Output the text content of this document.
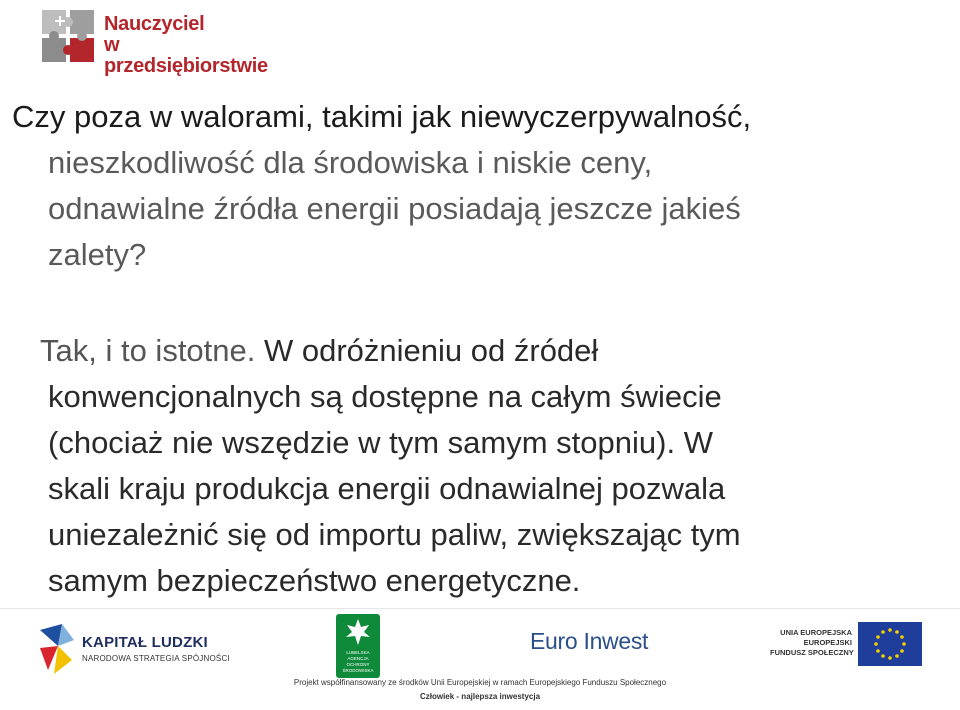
Nauczyciel
w przedsiębiorstwie
Czy poza w walorami, takimi jak niewyczerpywalność,
nieszkodliwość dla środowiska i niskie ceny,
odnawialne źródła energii posiadają jeszcze jakieś
zalety?
Tak, i to istotne. W odróżnieniu od źródeł
konwencjonalnych są dostępne na całym świecie
(chociaż nie wszędzie w tym samym stopniu). W
skali kraju produkcja energii odnawialnej pozwala
uniezależnić się od importu paliw, zwiększając tym
samym bezpieczeństwo energetyczne.
KAPITAŁ LUDZKI
NARODOWA STRATEGIA SPÓJNOŚCI
LUBELSKA
AGENCJA
OCHRONY
ŚRODOWISKA
Euro Inwest	UNIA EUROPEJSKA
EUROPEJSKI
FUNDUSZ SPOŁECZNY
Projekt współfinansowany ze środków Unii Europejskiej w ramach Europejskiego Funduszu Społecznego
Człowiek - najlepsza inwestycja
